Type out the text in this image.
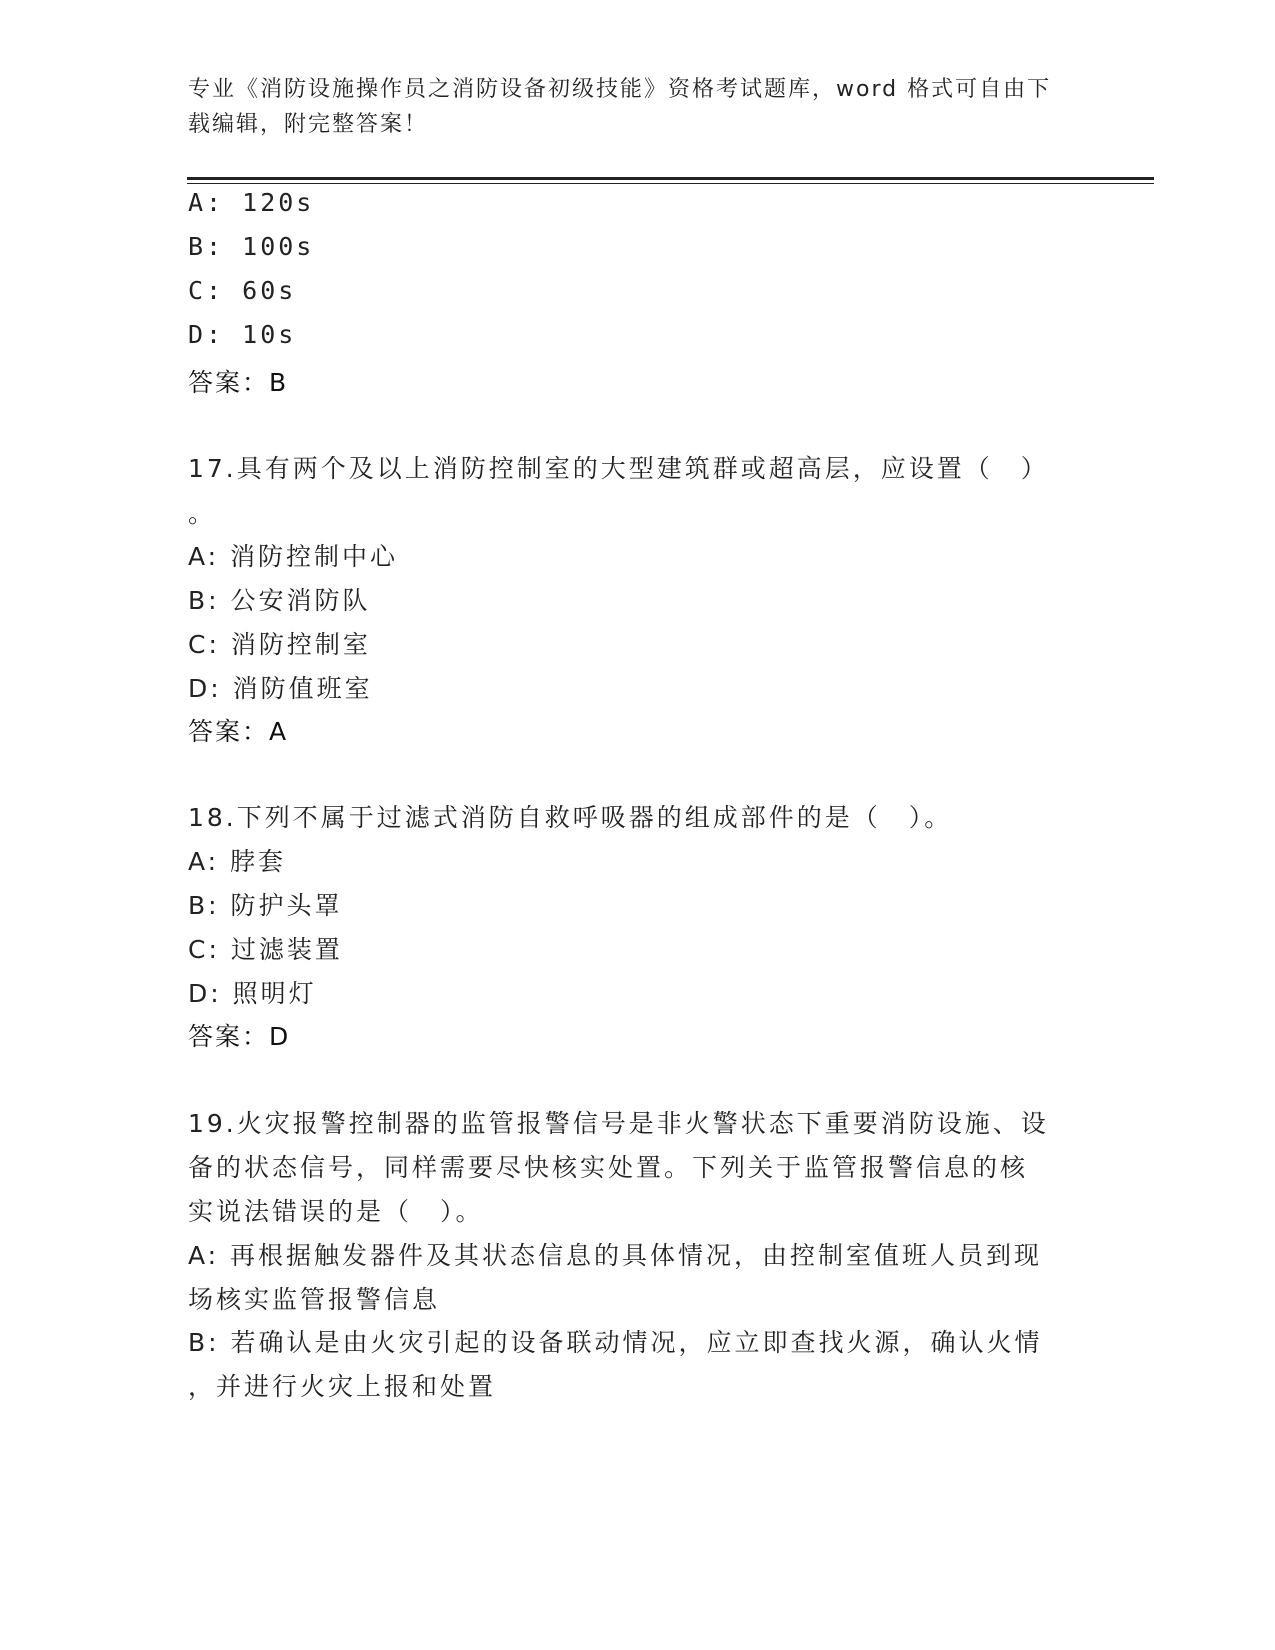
专业《消防设施操作员之消防设备初级技能》资格考试题库，word 格式可自由下
载编辑，附完整答案！
A: 120s
B: 100s
C: 60s
D: 10s
答案：B
17.具有两个及以上消防控制室的大型建筑群或超高层，应设置（　）
。
A: 消防控制中心
B: 公安消防队
C: 消防控制室
D: 消防值班室
答案：A
18.下列不属于过滤式消防自救呼吸器的组成部件的是（　）。
A: 脖套
B: 防护头罩
C: 过滤装置
D: 照明灯
答案：D
19.火灾报警控制器的监管报警信号是非火警状态下重要消防设施、设
备的状态信号，同样需要尽快核实处置。下列关于监管报警信息的核
实说法错误的是（　）。
A: 再根据触发器件及其状态信息的具体情况，由控制室值班人员到现
场核实监管报警信息
B: 若确认是由火灾引起的设备联动情况，应立即查找火源，确认火情
，并进行火灾上报和处置
